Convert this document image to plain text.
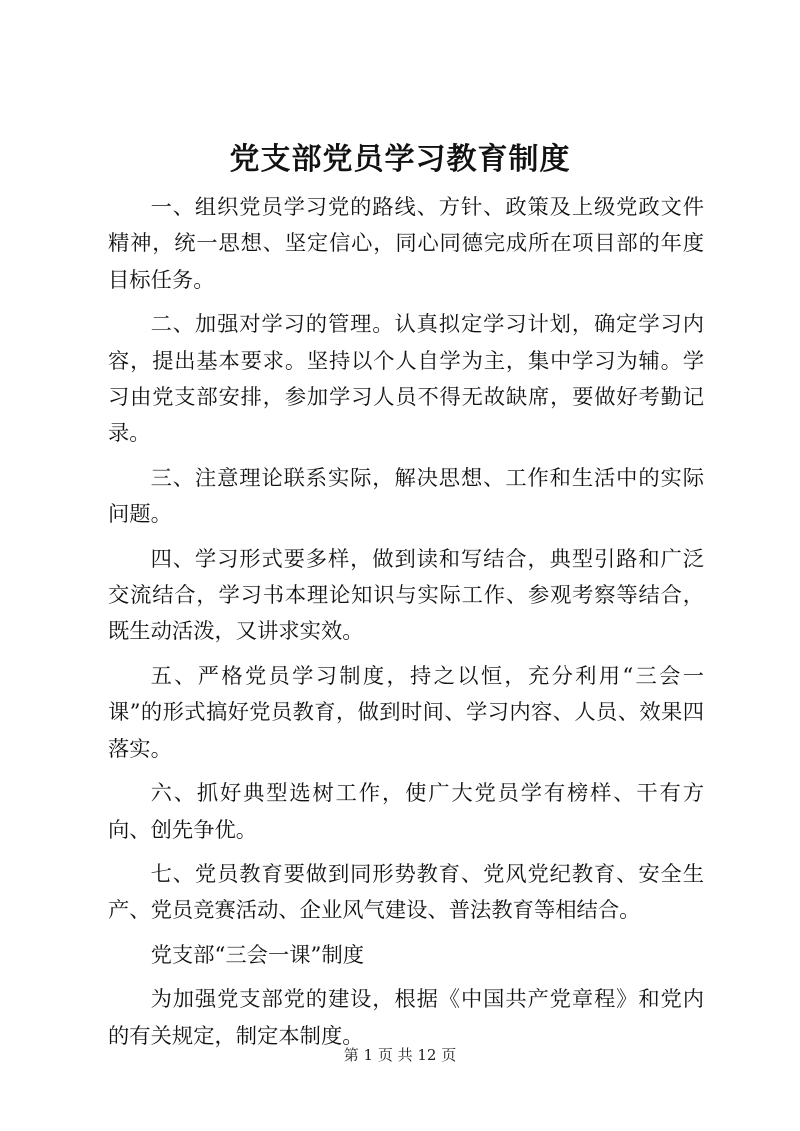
党支部党员学习教育制度

一、组织党员学习党的路线、方针、政策及上级党政文件精神，统一思想、坚定信心，同心同德完成所在项目部的年度目标任务。

二、加强对学习的管理。认真拟定学习计划，确定学习内容，提出基本要求。坚持以个人自学为主，集中学习为辅。学习由党支部安排，参加学习人员不得无故缺席，要做好考勤记录。

三、注意理论联系实际，解决思想、工作和生活中的实际问题。

四、学习形式要多样，做到读和写结合，典型引路和广泛交流结合，学习书本理论知识与实际工作、参观考察等结合，既生动活泼，又讲求实效。

五、严格党员学习制度，持之以恒，充分利用“三会一课”的形式搞好党员教育，做到时间、学习内容、人员、效果四落实。

六、抓好典型选树工作，使广大党员学有榜样、干有方向、创先争优。

七、党员教育要做到同形势教育、党风党纪教育、安全生产、党员竞赛活动、企业风气建设、普法教育等相结合。

党支部“三会一课”制度

为加强党支部党的建设，根据《中国共产党章程》和党内的有关规定，制定本制度。

第 1 页 共 12 页
